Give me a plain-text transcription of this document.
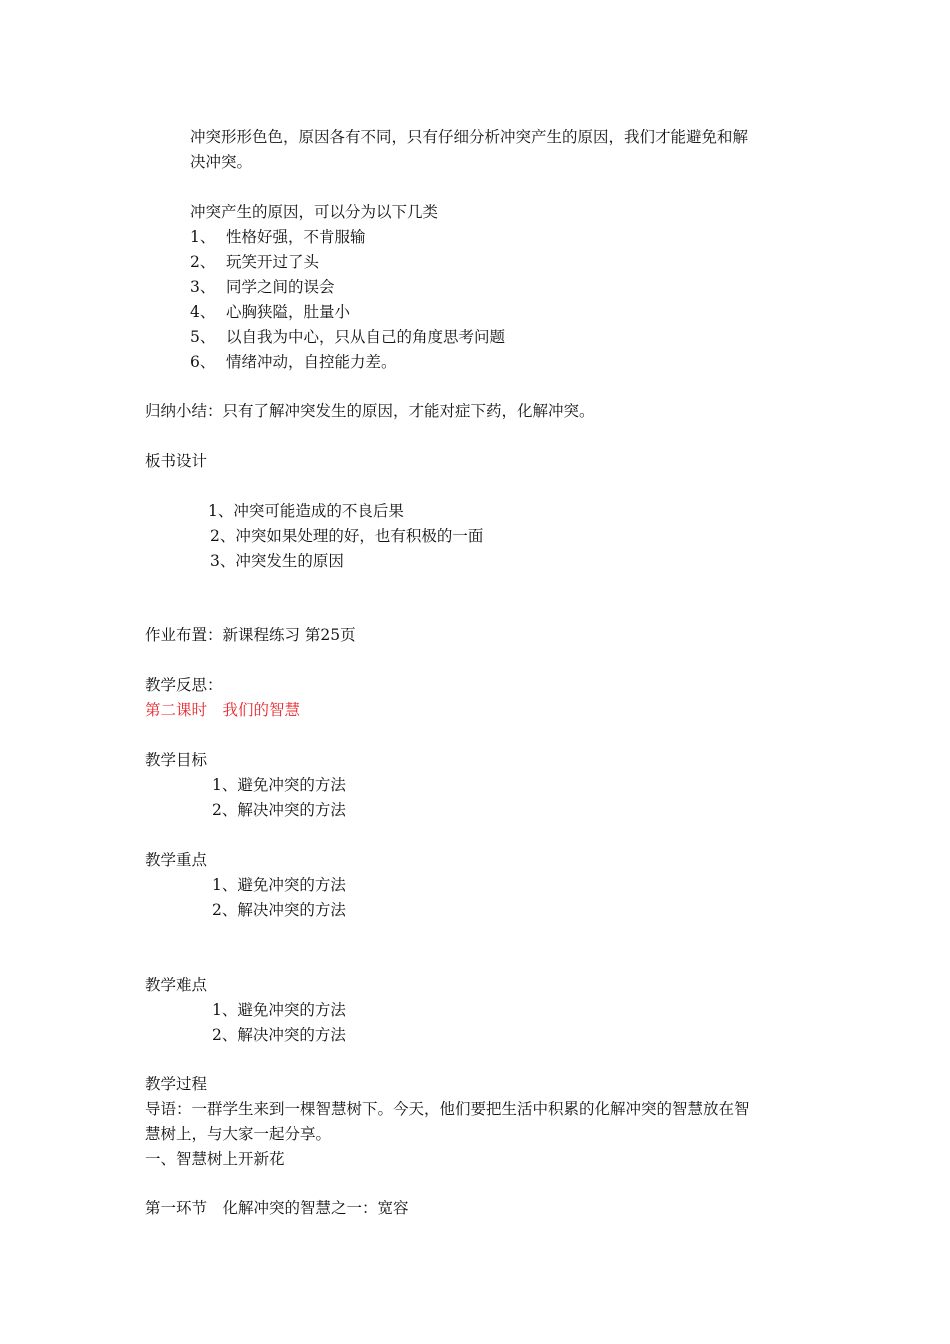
冲突形形色色，原因各有不同，只有仔细分析冲突产生的原因，我们才能避免和解
决冲突。
冲突产生的原因，可以分为以下几类
1、 性格好强，不肯服输
2、 玩笑开过了头
3、 同学之间的误会
4、 心胸狭隘，肚量小
5、 以自我为中心，只从自己的角度思考问题
6、 情绪冲动，自控能力差。
归纳小结：只有了解冲突发生的原因，才能对症下药，化解冲突。
板书设计
1、冲突可能造成的不良后果
2、冲突如果处理的好，也有积极的一面
3、冲突发生的原因
作业布置：新课程练习 第25页
教学反思：
第二课时　我们的智慧
教学目标
1、避免冲突的方法
2、解决冲突的方法
教学重点
1、避免冲突的方法
2、解决冲突的方法
教学难点
1、避免冲突的方法
2、解决冲突的方法
教学过程
导语：一群学生来到一棵智慧树下。今天，他们要把生活中积累的化解冲突的智慧放在智
慧树上，与大家一起分享。
一、智慧树上开新花
第一环节　化解冲突的智慧之一：宽容
